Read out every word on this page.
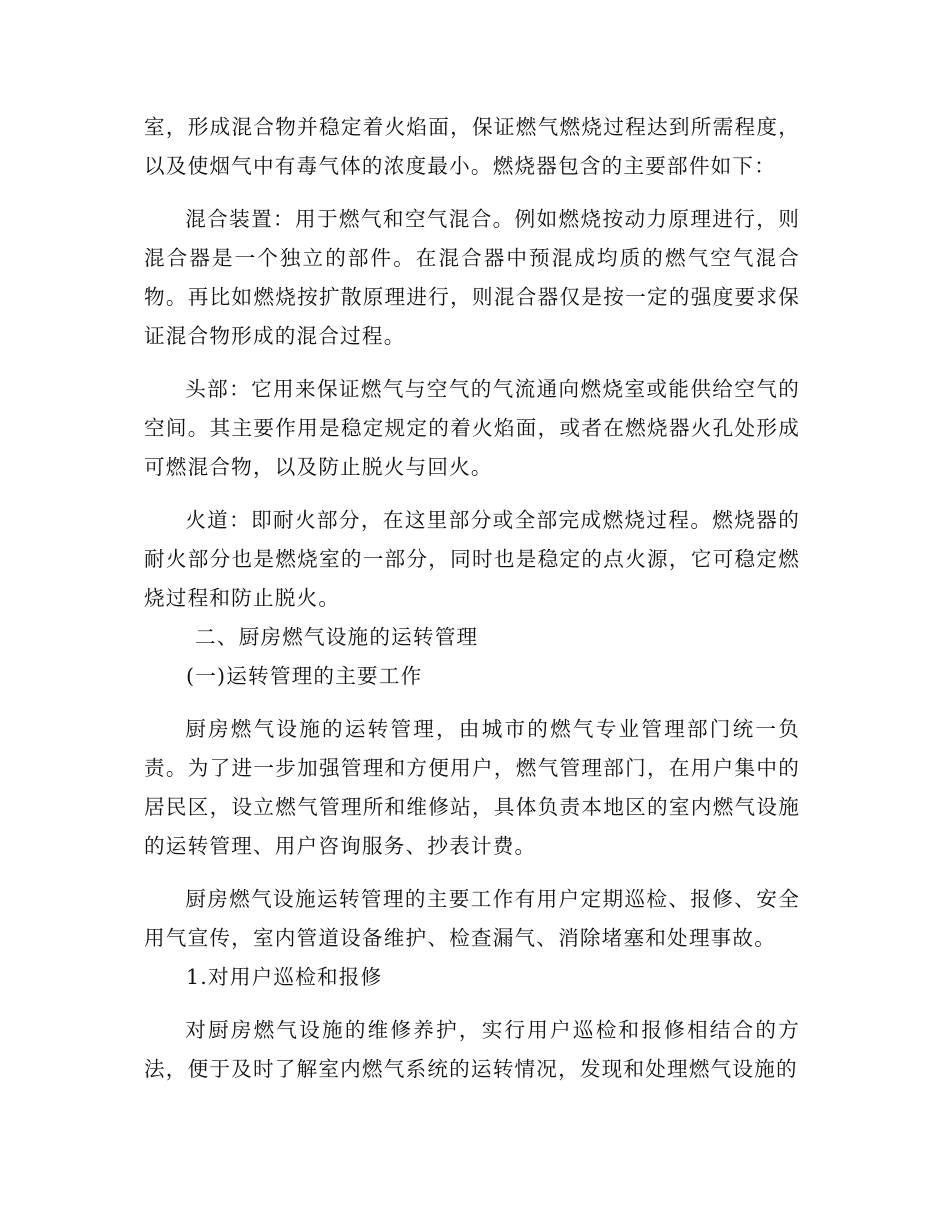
室，形成混合物并稳定着火焰面，保证燃气燃烧过程达到所需程度，以及使烟气中有毒气体的浓度最小。燃烧器包含的主要部件如下：

混合装置：用于燃气和空气混合。例如燃烧按动力原理进行，则混合器是一个独立的部件。在混合器中预混成均质的燃气空气混合物。再比如燃烧按扩散原理进行，则混合器仅是按一定的强度要求保证混合物形成的混合过程。

头部：它用来保证燃气与空气的气流通向燃烧室或能供给空气的空间。其主要作用是稳定规定的着火焰面，或者在燃烧器火孔处形成可燃混合物，以及防止脱火与回火。

火道：即耐火部分，在这里部分或全部完成燃烧过程。燃烧器的耐火部分也是燃烧室的一部分，同时也是稳定的点火源，它可稳定燃烧过程和防止脱火。

二、厨房燃气设施的运转管理

(一)运转管理的主要工作

厨房燃气设施的运转管理，由城市的燃气专业管理部门统一负责。为了进一步加强管理和方便用户，燃气管理部门，在用户集中的居民区，设立燃气管理所和维修站，具体负责本地区的室内燃气设施的运转管理、用户咨询服务、抄表计费。

厨房燃气设施运转管理的主要工作有用户定期巡检、报修、安全用气宣传，室内管道设备维护、检查漏气、消除堵塞和处理事故。

1.对用户巡检和报修

对厨房燃气设施的维修养护，实行用户巡检和报修相结合的方法，便于及时了解室内燃气系统的运转情况，发现和处理燃气设施的
